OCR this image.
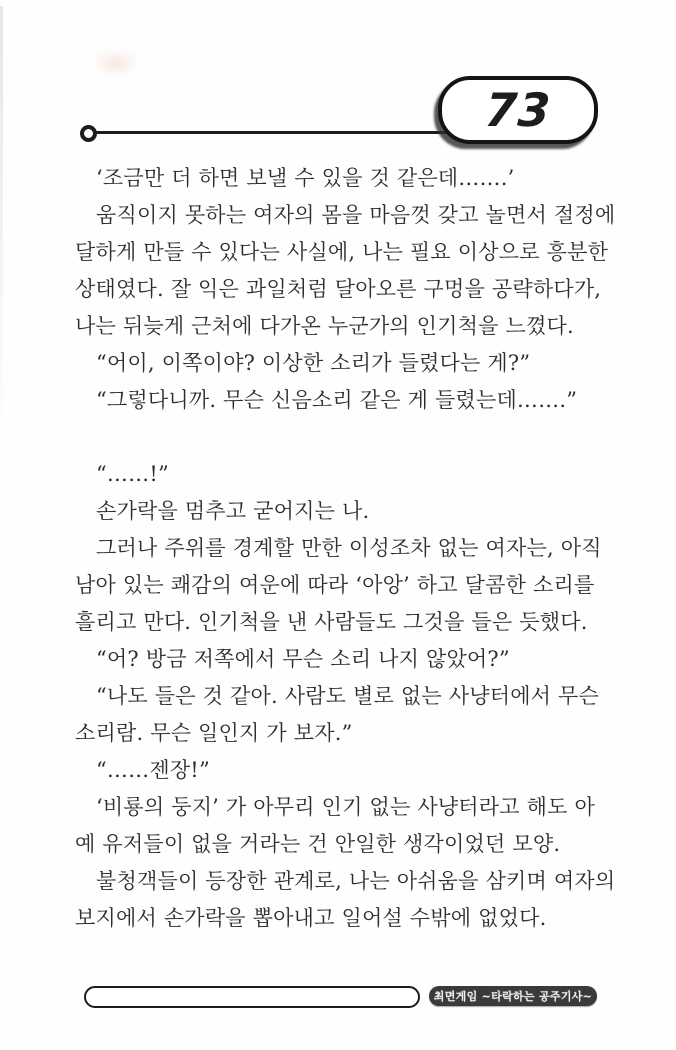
73
‘조금만 더 하면 보낼 수 있을 것 같은데…….’
움직이지 못하는 여자의 몸을 마음껏 갖고 놀면서 절정에
달하게 만들 수 있다는 사실에, 나는 필요 이상으로 흥분한
상태였다. 잘 익은 과일처럼 달아오른 구멍을 공략하다가,
나는 뒤늦게 근처에 다가온 누군가의 인기척을 느꼈다.
“어이, 이쪽이야? 이상한 소리가 들렸다는 게?”
“그렇다니까. 무슨 신음소리 같은 게 들렸는데…….”

“……!”
손가락을 멈추고 굳어지는 나.
그러나 주위를 경계할 만한 이성조차 없는 여자는, 아직
남아 있는 쾌감의 여운에 따라 ‘아앙’ 하고 달콤한 소리를
흘리고 만다. 인기척을 낸 사람들도 그것을 들은 듯했다.
“어? 방금 저쪽에서 무슨 소리 나지 않았어?”
“나도 들은 것 같아. 사람도 별로 없는 사냥터에서 무슨
소리람. 무슨 일인지 가 보자.”
“……젠장!”
‘비룡의 둥지’ 가 아무리 인기 없는 사냥터라고 해도 아
예 유저들이 없을 거라는 건 안일한 생각이었던 모양.
불청객들이 등장한 관계로, 나는 아쉬움을 삼키며 여자의
보지에서 손가락을 뽑아내고 일어설 수밖에 없었다.
최면게임 ~타락하는 공주기사~
